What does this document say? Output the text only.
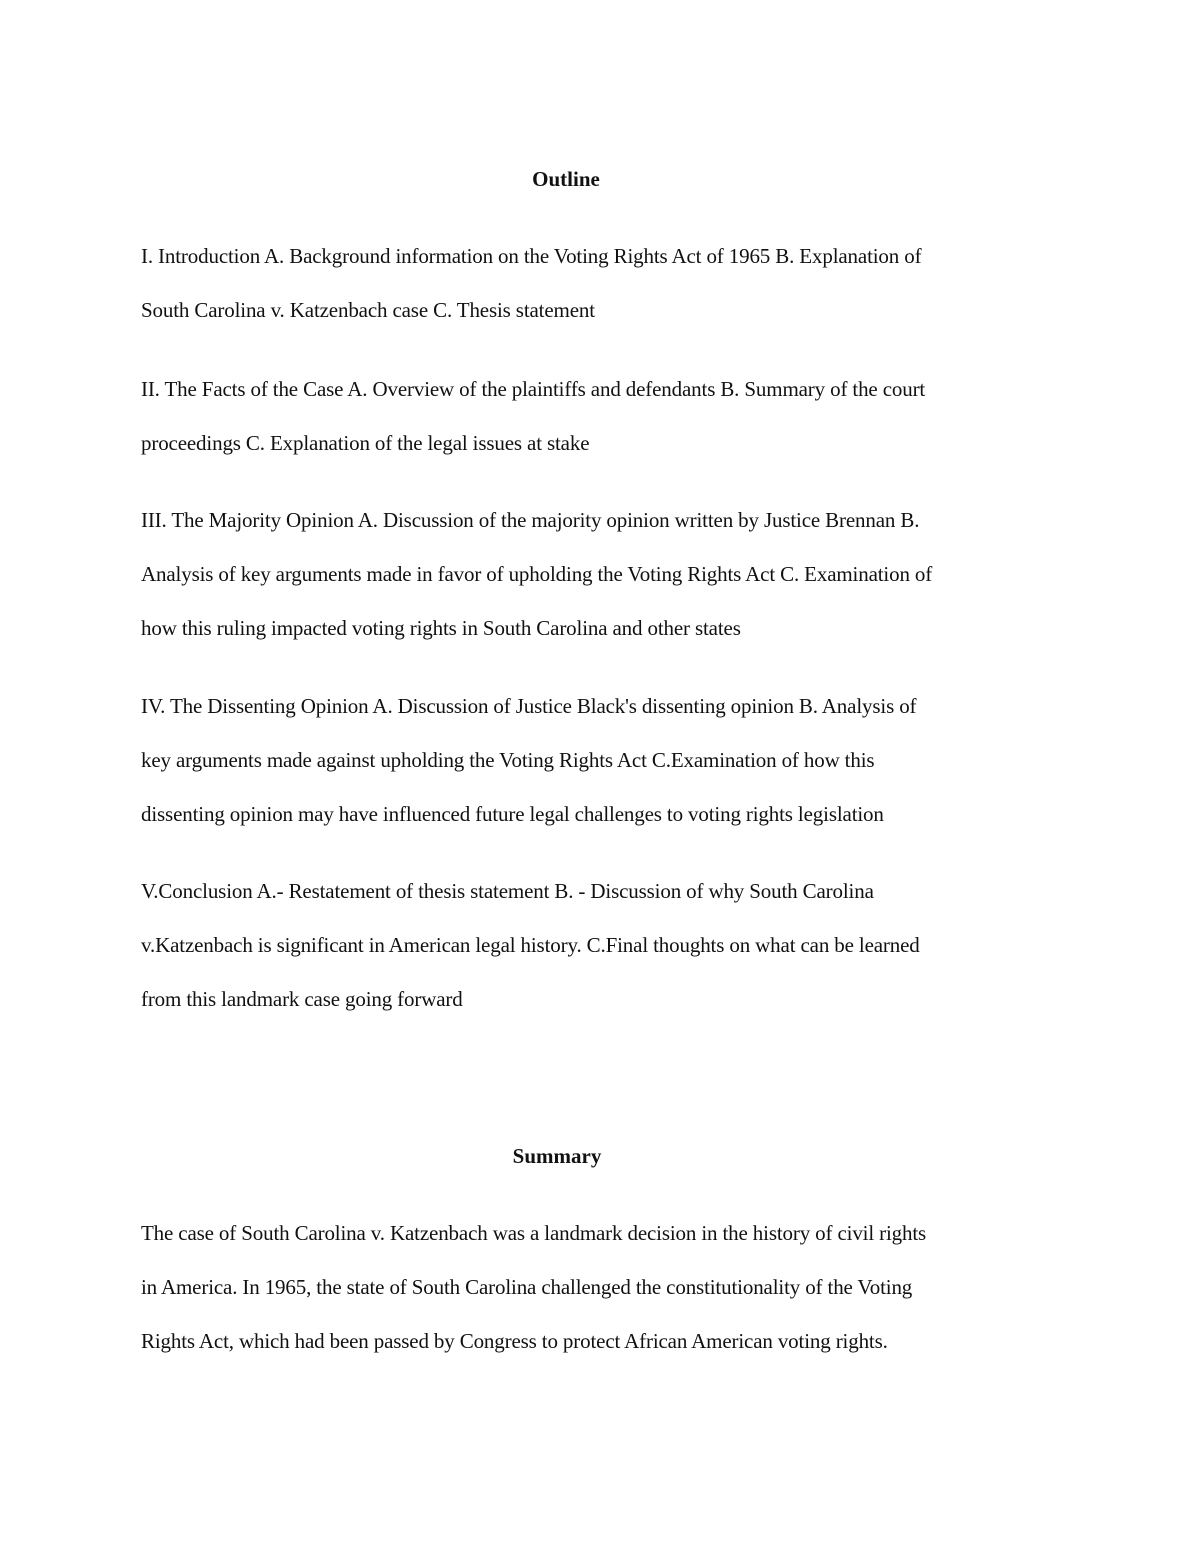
Outline

I. Introduction A. Background information on the Voting Rights Act of 1965 B. Explanation of
South Carolina v. Katzenbach case C. Thesis statement

II. The Facts of the Case A. Overview of the plaintiffs and defendants B. Summary of the court
proceedings C. Explanation of the legal issues at stake

III. The Majority Opinion A. Discussion of the majority opinion written by Justice Brennan B.
Analysis of key arguments made in favor of upholding the Voting Rights Act C. Examination of
how this ruling impacted voting rights in South Carolina and other states

IV. The Dissenting Opinion A. Discussion of Justice Black's dissenting opinion B. Analysis of
key arguments made against upholding the Voting Rights Act C.Examination of how this
dissenting opinion may have influenced future legal challenges to voting rights legislation

V.Conclusion A.- Restatement of thesis statement B. - Discussion of why South Carolina
v.Katzenbach is significant in American legal history. C.Final thoughts on what can be learned
from this landmark case going forward

Summary

The case of South Carolina v. Katzenbach was a landmark decision in the history of civil rights
in America. In 1965, the state of South Carolina challenged the constitutionality of the Voting
Rights Act, which had been passed by Congress to protect African American voting rights.
